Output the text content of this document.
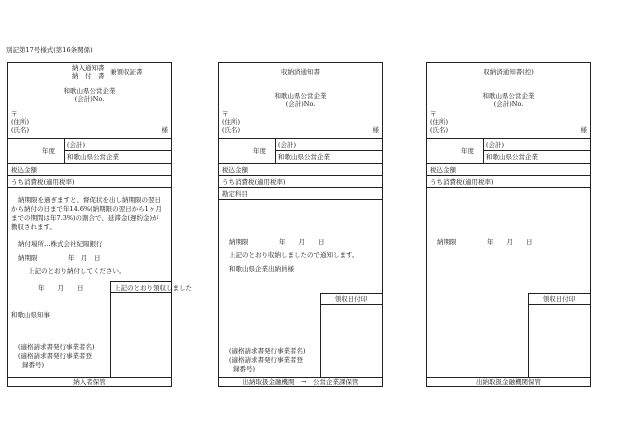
別記第17号様式(第16条関係)
納入通知書
納　付　書 兼領収証書
和歌山県公営企業
(会計)No.
〒
(住所)
(氏名)	様
年度
(会計)
和歌山県公営企業
税込金額
うち消費税(適用税率)
納期限を過ぎますと、督促状を出し納期限の翌日
から納付の日まで年14.6%(納期限の翌日から1ヶ月
までの期間は年7.3%)の割合で、延滞金(遅約金)が
徴収されます。
納付場所…株式会社紀陽銀行
納期限	年　月　日
上記のとおり納付してください。
年　　月　　日	上記のとおり領収しました
和歌山県知事
(適格請求書発行事業者名)
(適格請求書発行事業者登
録番号)
納入者保管
収納済通知書
和歌山県公営企業
(会計)No.
〒
(住所)
(氏名)	様
年度
(会計)
和歌山県公営企業
税込金額
うち消費税(適用税率)
勘定科目
納期限	年　　月　　日
上記のとおり収納しましたので通知します。
和歌山県企業出納員様
領収日付印
(適格請求書発行事業者名)
(適格請求書発行事業者登
録番号)
出納取扱金融機関　→　公営企業課保管
収納済通知書(控)
和歌山県公営企業
(会計)No.
〒
(住所)
(氏名)	様
年度
(会計)
和歌山県公営企業
税込金額
うち消費税(適用税率)
納期限	年　　月　　日
領収日付印
出納取扱金融機関保管
